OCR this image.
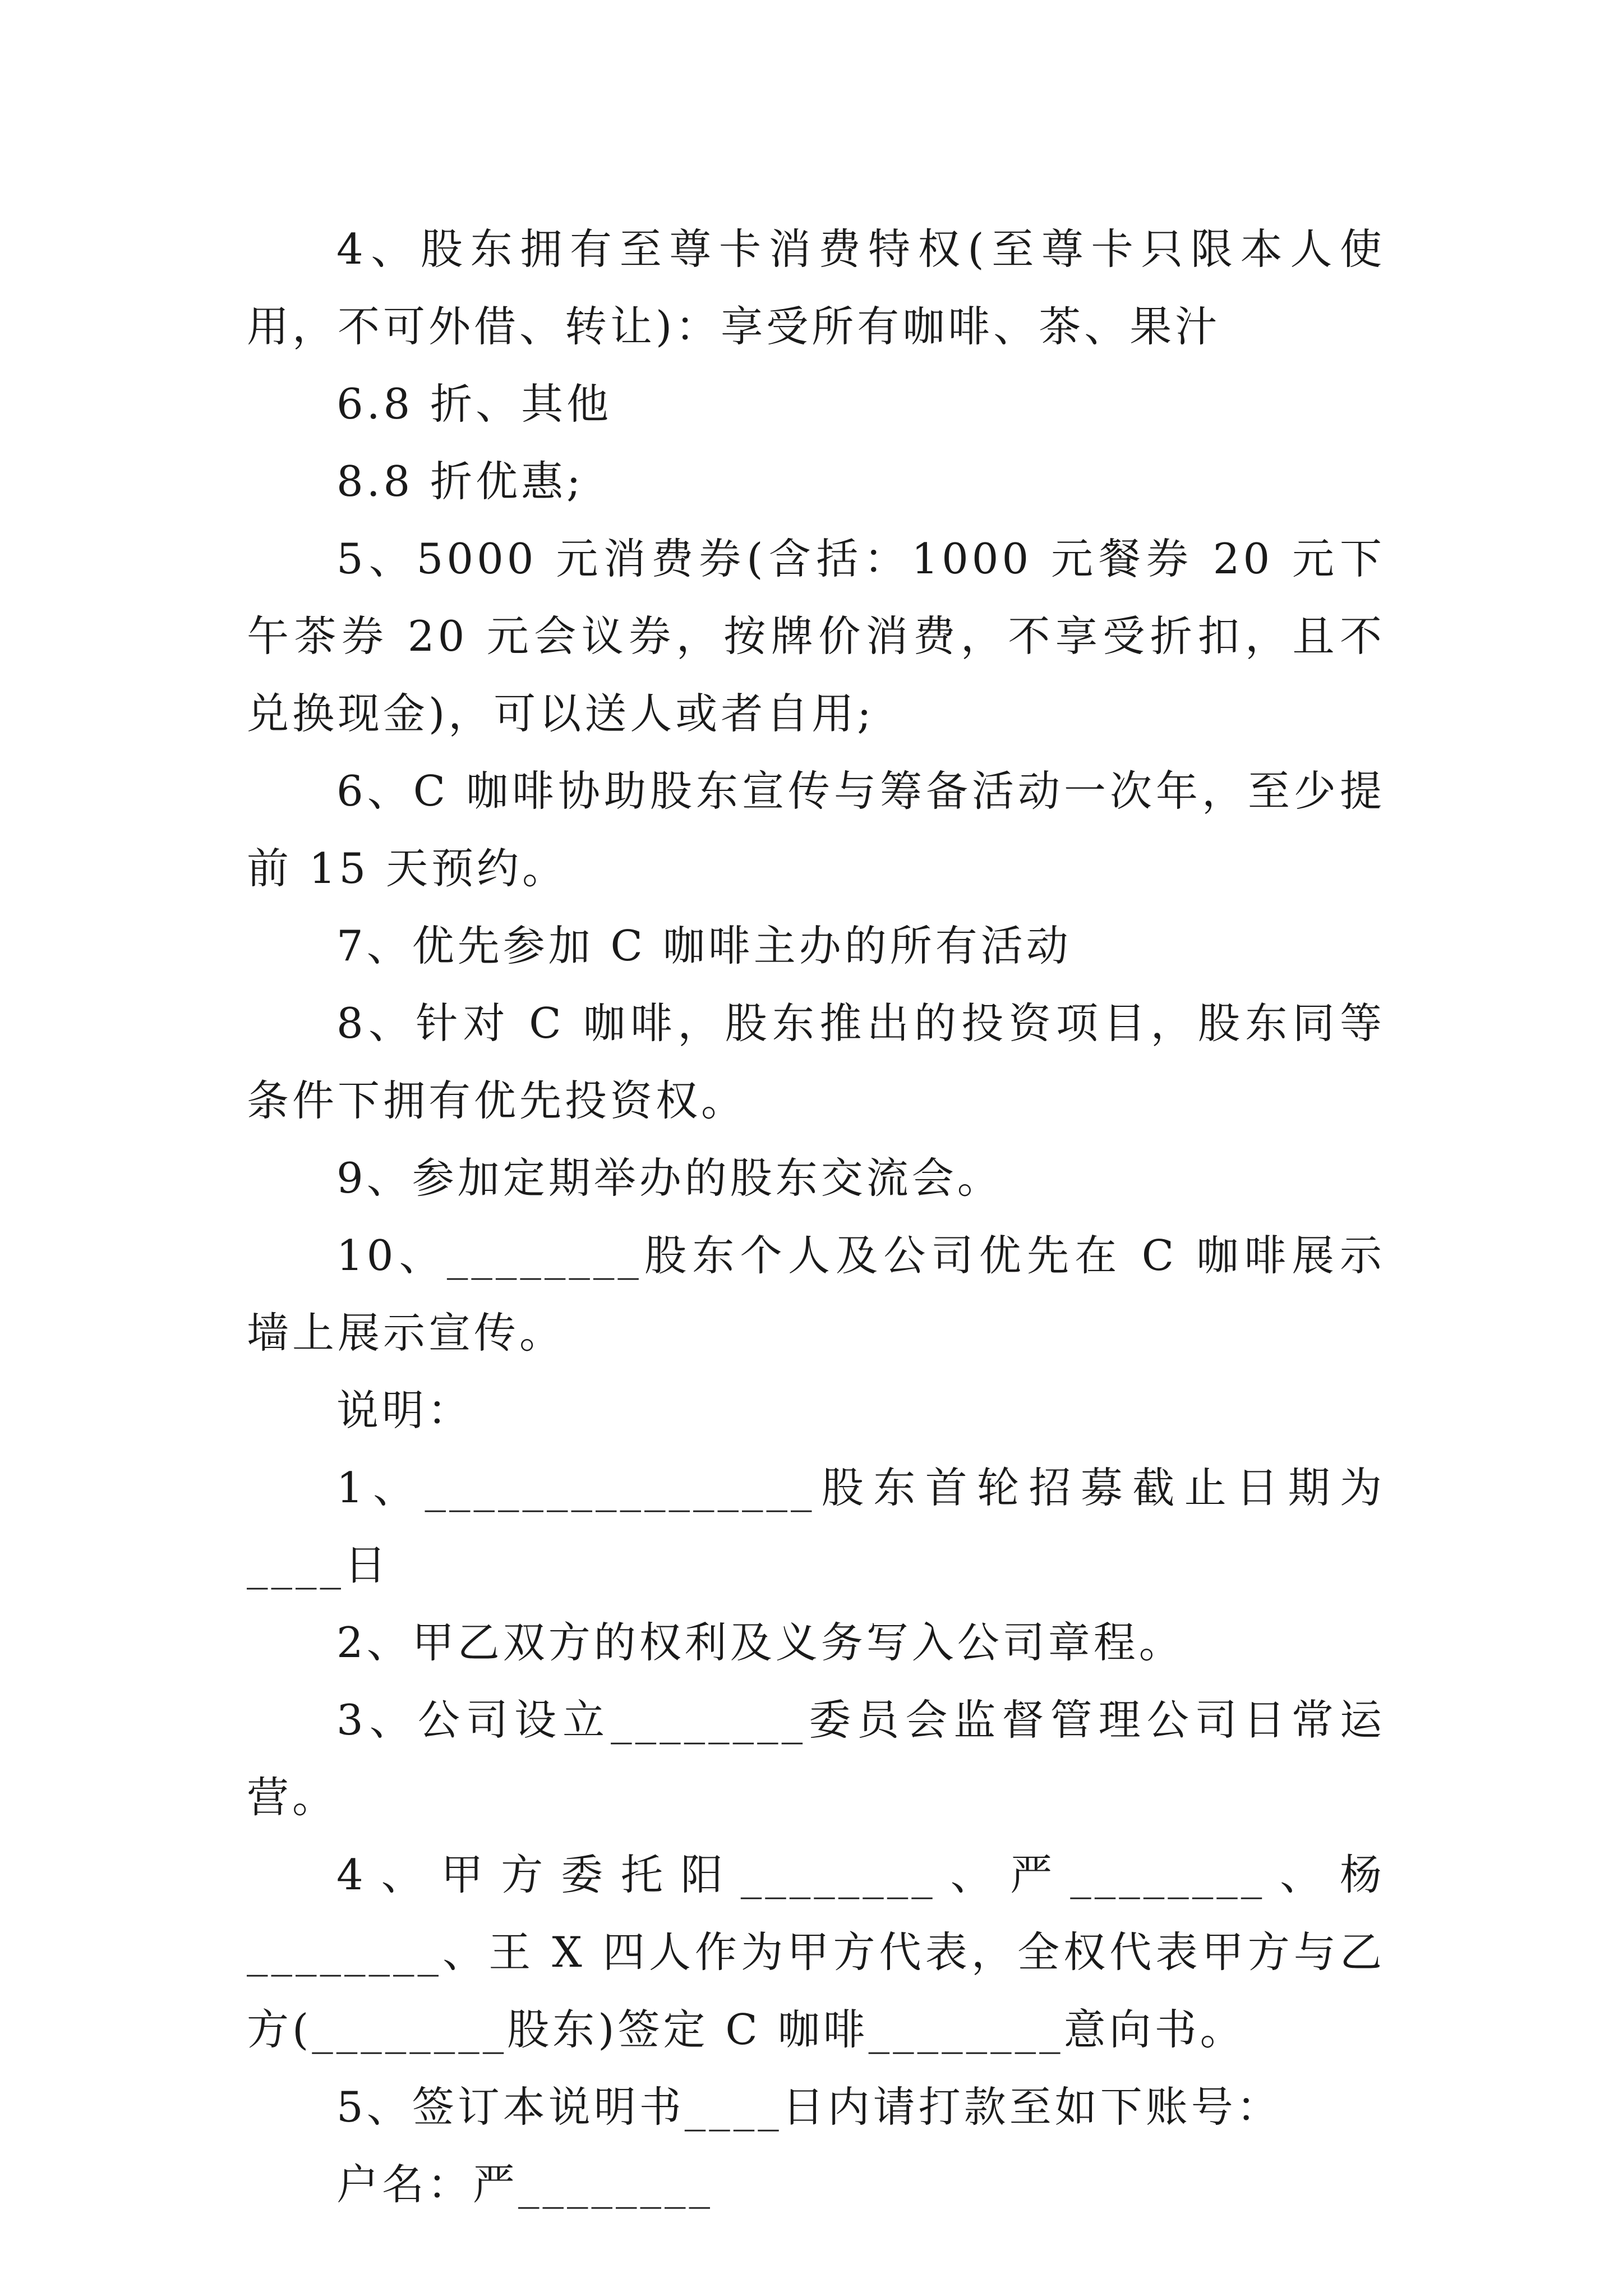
4、股东拥有至尊卡消费特权(至尊卡只限本人使用，不可外借、转让)：享受所有咖啡、茶、果汁

6.8 折、其他

8.8 折优惠;

5、5000 元消费券(含括：1000 元餐券 20 元下午茶券 20 元会议券，按牌价消费，不享受折扣，且不兑换现金)，可以送人或者自用;

6、C 咖啡协助股东宣传与筹备活动一次年，至少提前 15 天预约。

7、优先参加 C 咖啡主办的所有活动

8、针对 C 咖啡，股东推出的投资项目，股东同等条件下拥有优先投资权。

9、参加定期举办的股东交流会。

10、________股东个人及公司优先在 C 咖啡展示墙上展示宣传。

说明：

1、________________股东首轮招募截止日期为____日

2、甲乙双方的权利及义务写入公司章程。

3、公司设立________委员会监督管理公司日常运营。

4、甲方委托阳________、严________、杨________、王 X 四人作为甲方代表，全权代表甲方与乙方(________股东)签定 C 咖啡________意向书。

5、签订本说明书____日内请打款至如下账号：

户名：严________
